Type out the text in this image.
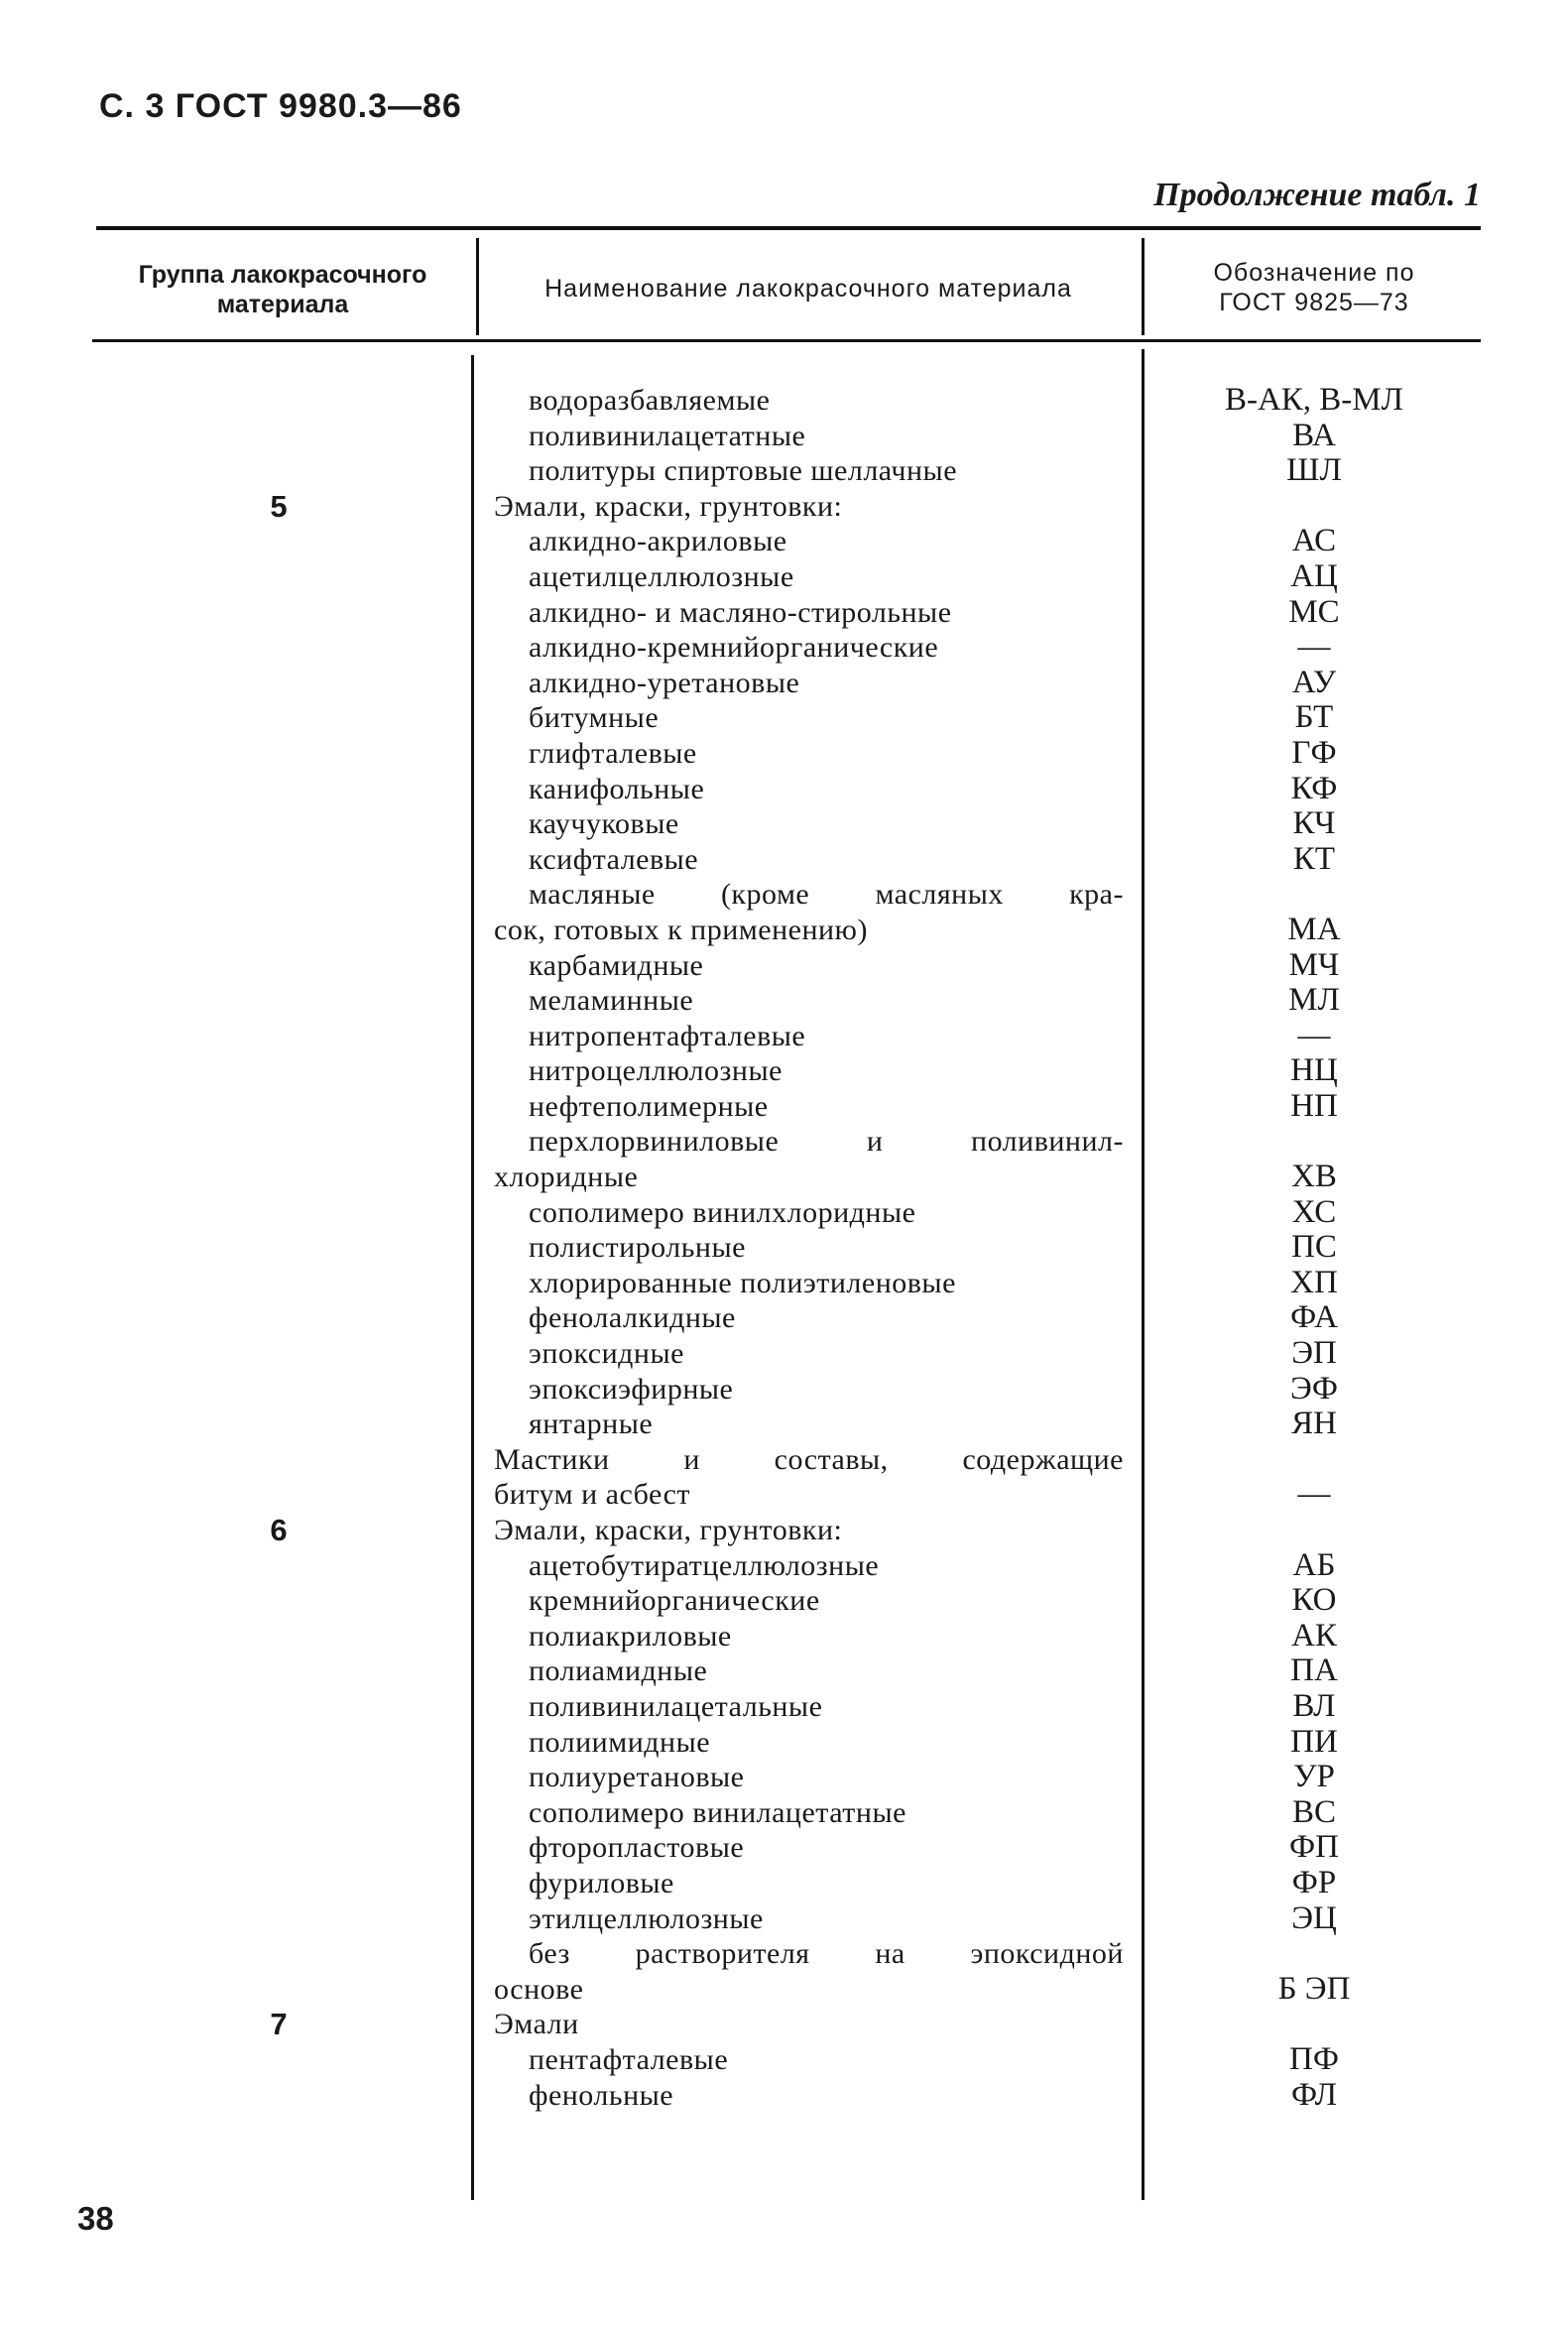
С. 3 ГОСТ 9980.3—86
Продолжение табл. 1
Группа лакокрасочного
материала
Наименование лакокрасочного материала
Обозначение по
ГОСТ 9825—73
водоразбавляемые	В-АК, В-МЛ
поливинилацетатные	ВА
политуры спиртовые шеллачные	ШЛ
5	Эмали, краски, грунтовки:
алкидно-акриловые	АС
ацетилцеллюлозные	АЦ
алкидно- и масляно-стирольные	МС
алкидно-кремнийорганические	—
алкидно-уретановые	АУ
битумные	БТ
глифталевые	ГФ
канифольные	КФ
каучуковые	КЧ
ксифталевые	КТ
масляные (кроме масляных кра-
сок, готовых к применению)	МА
карбамидные	МЧ
меламинные	МЛ
нитропентафталевые	—
нитроцеллюлозные	НЦ
нефтеполимерные	НП
перхлорвиниловые и поливинил-
хлоридные	ХВ
сополимеро винилхлоридные	ХС
полистирольные	ПС
хлорированные полиэтиленовые	ХП
фенолалкидные	ФА
эпоксидные	ЭП
эпоксиэфирные	ЭФ
янтарные	ЯН
Мастики и составы, содержащие
битум и асбест	—
6	Эмали, краски, грунтовки:
ацетобутиратцеллюлозные	АБ
кремнийорганические	КО
полиакриловые	АК
полиамидные	ПА
поливинилацетальные	ВЛ
полиимидные	ПИ
полиуретановые	УР
сополимеро винилацетатные	ВС
фторопластовые	ФП
фуриловые	ФР
этилцеллюлозные	ЭЦ
без растворителя на эпоксидной
основе	Б ЭП
7	Эмали
пентафталевые	ПФ
фенольные	ФЛ
38
